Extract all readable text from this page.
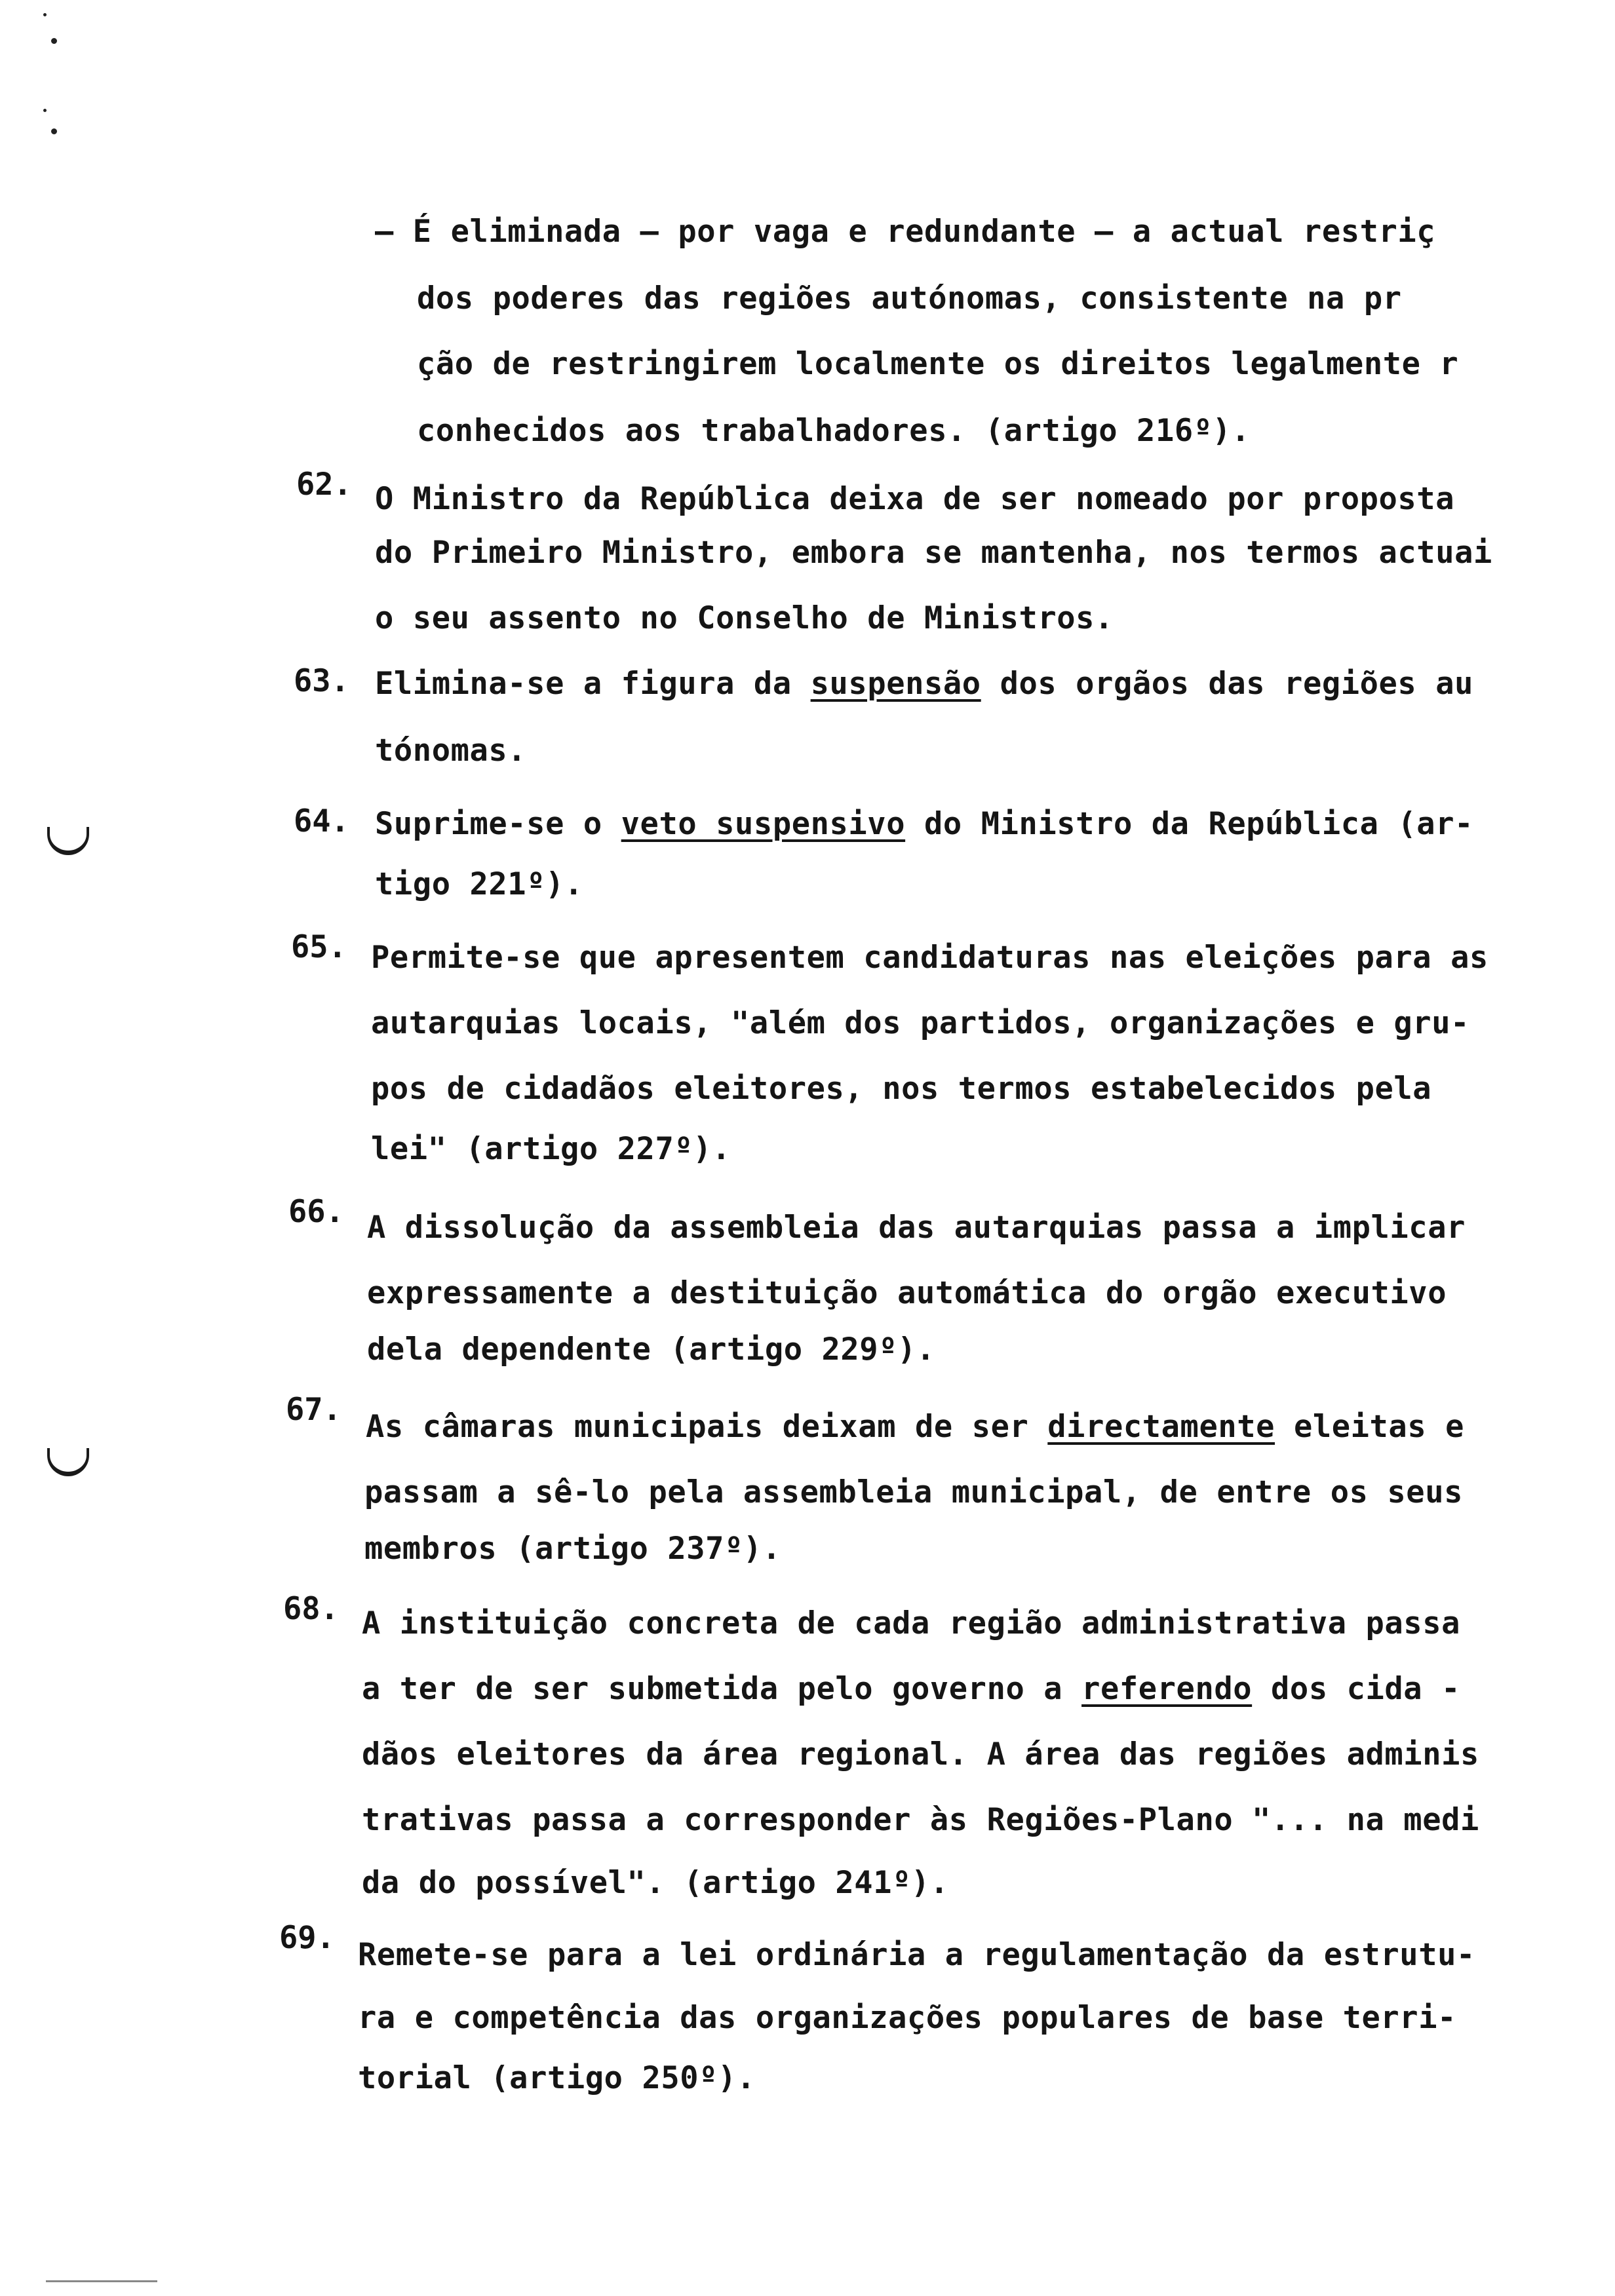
– É eliminada – por vaga e redundante – a actual restriç
dos poderes das regiões autónomas, consistente na pr
ção de restringirem localmente os direitos legalmente r
conhecidos aos trabalhadores. (artigo 216º).
62. O Ministro da República deixa de ser nomeado por proposta
do Primeiro Ministro, embora se mantenha, nos termos actuai
o seu assento no Conselho de Ministros.
63. Elimina-se a figura da suspensão dos orgãos das regiões au
tónomas.
64. Suprime-se o veto suspensivo do Ministro da República (ar-
tigo 221º).
65. Permite-se que apresentem candidaturas nas eleições para as
autarquias locais, "além dos partidos, organizações e gru-
pos de cidadãos eleitores, nos termos estabelecidos pela
lei" (artigo 227º).
66. A dissolução da assembleia das autarquias passa a implicar
expressamente a destituição automática do orgão executivo
dela dependente (artigo 229º).
67. As câmaras municipais deixam de ser directamente eleitas e
passam a sê-lo pela assembleia municipal, de entre os seus
membros (artigo 237º).
68. A instituição concreta de cada região administrativa passa
a ter de ser submetida pelo governo a referendo dos cida -
dãos eleitores da área regional. A área das regiões adminis
trativas passa a corresponder às Regiões-Plano "... na medi
da do possível". (artigo 241º).
69. Remete-se para a lei ordinária a regulamentação da estrutu-
ra e competência das organizações populares de base terri-
torial (artigo 250º).
